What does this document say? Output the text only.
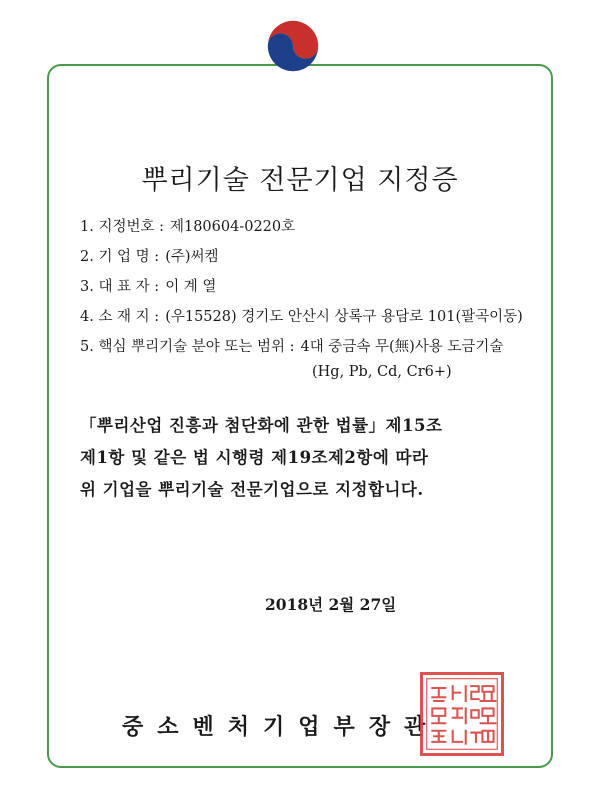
뿌리기술 전문기업 지정증
1. 지정번호 : 제180604-0220호
2. 기 업 명 : (주)써켐
3. 대 표 자 : 이 계 열
4. 소 재 지 : (우15528) 경기도 안산시 상록구 용담로 101(팔곡이동)
5. 핵심 뿌리기술 분야 또는 범위 : 4대 중금속 무(無)사용 도금기술
(Hg, Pb, Cd, Cr6+)
「뿌리산업 진흥과 첨단화에 관한 법률」제15조
제1항 및 같은 법 시행령 제19조제2항에 따라
위 기업을 뿌리기술 전문기업으로 지정합니다.
2018년 2월 27일
중소벤처기업부장관
